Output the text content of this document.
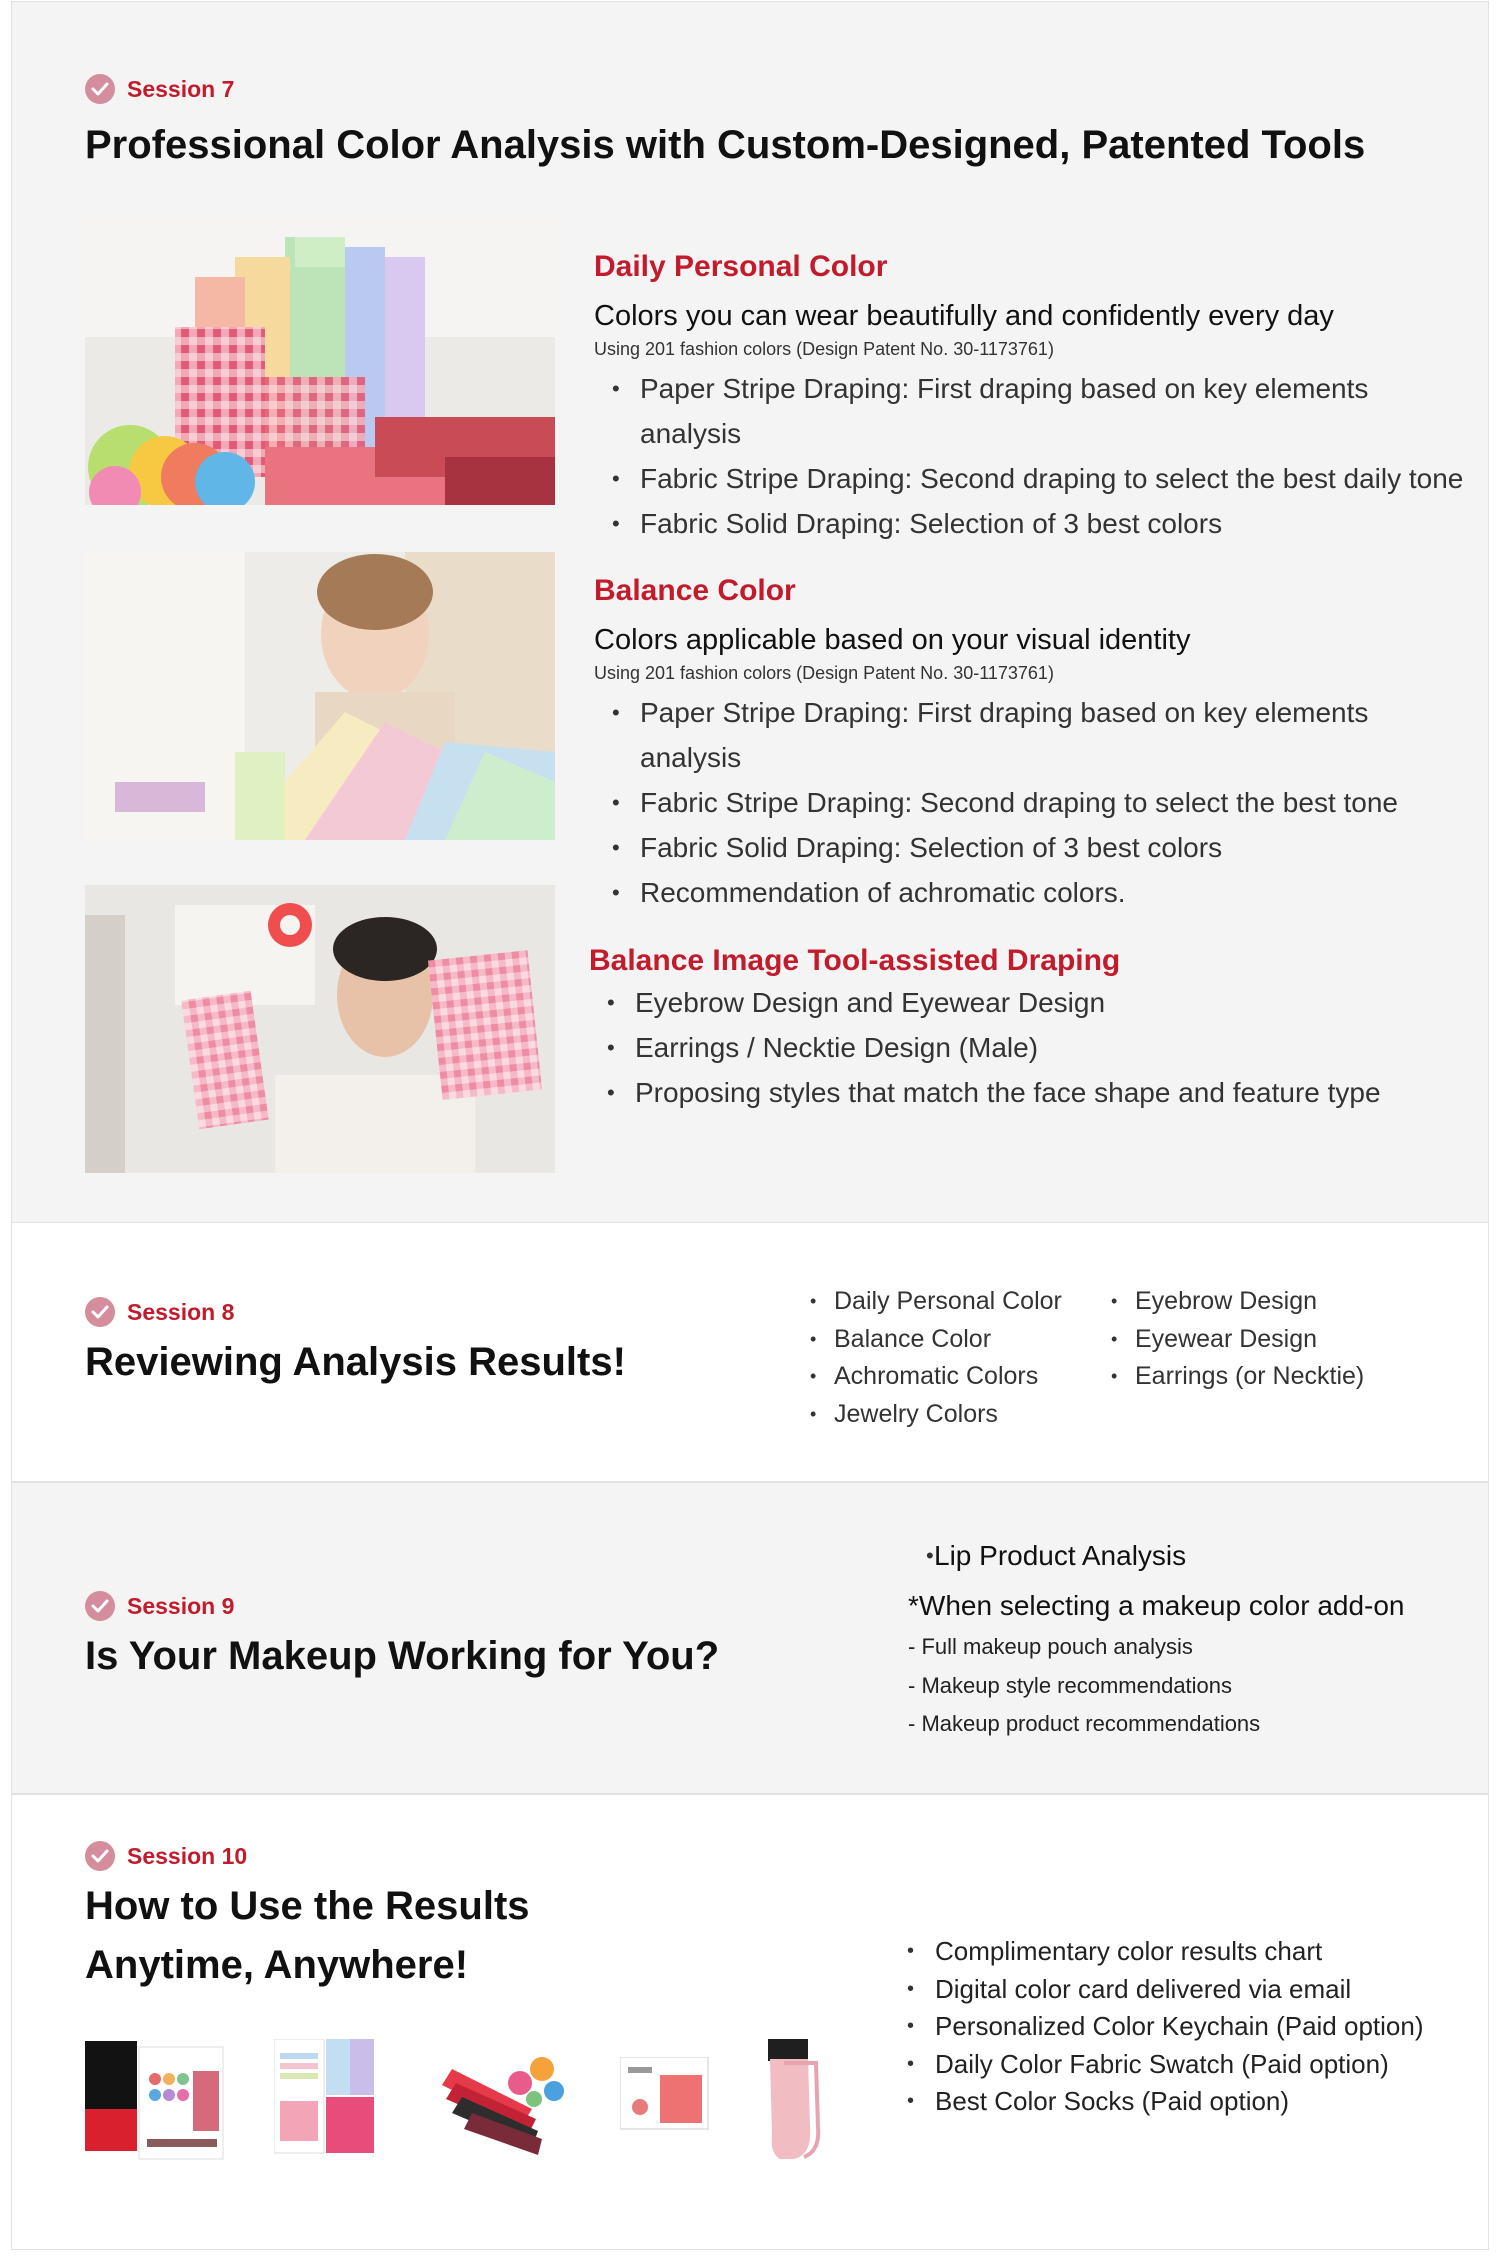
Session 7
Professional Color Analysis with Custom-Designed, Patented Tools
Daily Personal Color
Colors you can wear beautifully and confidently every day
Using 201 fashion colors (Design Patent No. 30-1173761)
• Paper Stripe Draping: First draping based on key elements analysis
• Fabric Stripe Draping: Second draping to select the best daily tone
• Fabric Solid Draping: Selection of 3 best colors
Balance Color
Colors applicable based on your visual identity
Using 201 fashion colors (Design Patent No. 30-1173761)
• Paper Stripe Draping: First draping based on key elements analysis
• Fabric Stripe Draping: Second draping to select the best tone
• Fabric Solid Draping: Selection of 3 best colors
• Recommendation of achromatic colors.
Balance Image Tool-assisted Draping
• Eyebrow Design and Eyewear Design
• Earrings / Necktie Design (Male)
• Proposing styles that match the face shape and feature type
Session 8
Reviewing Analysis Results!
• Daily Personal Color
• Balance Color
• Achromatic Colors
• Jewelry Colors
• Eyebrow Design
• Eyewear Design
• Earrings (or Necktie)
Session 9
Is Your Makeup Working for You?
• Lip Product Analysis
*When selecting a makeup color add-on
- Full makeup pouch analysis
- Makeup style recommendations
- Makeup product recommendations
Session 10
How to Use the Results
Anytime, Anywhere!
•	Complimentary color results chart
• Digital color card delivered via email
• Personalized Color Keychain (Paid option)
• Daily Color Fabric Swatch (Paid option)
• Best Color Socks (Paid option)
